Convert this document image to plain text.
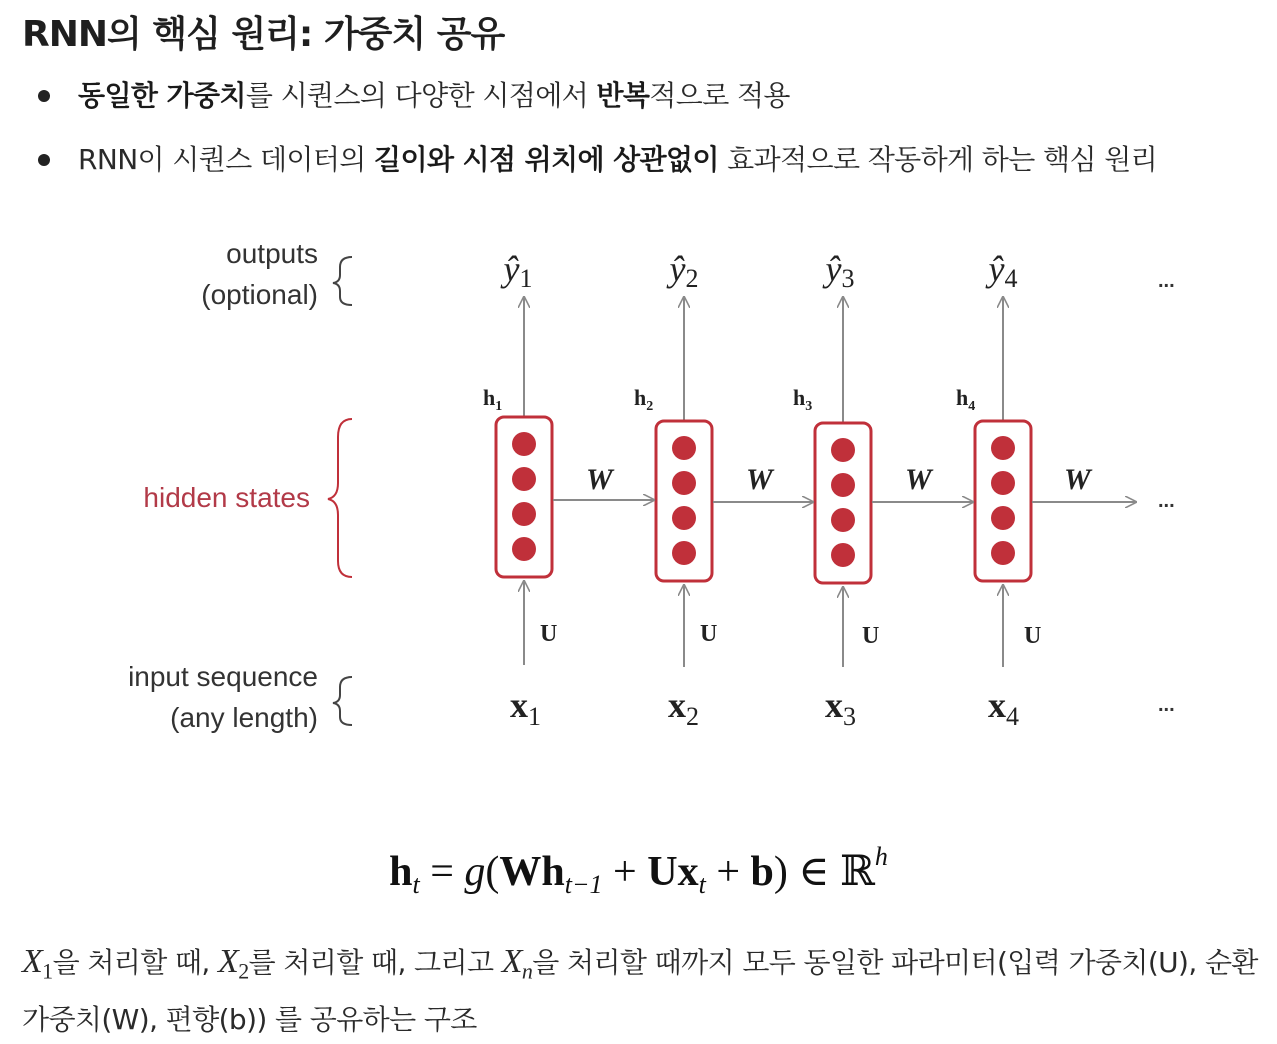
RNN의 핵심 원리: 가중치 공유
동일한 가중치를 시퀀스의 다양한 시점에서 반복적으로 적용
RNN이 시퀀스 데이터의 길이와 시점 위치에 상관없이 효과적으로 작동하게 하는 핵심 원리
outputs
(optional)
hidden states
input sequence
(any length)
ŷ1
$h_1$
U
$x_1$
ŷ2
$h_2$
U
$x_2$
ŷ3
$h_3$
U
$x_3$
ŷ4
$h_4$
U
$x_4$
W	W	W	W
...
...
...
$h_t = g(Wh_{t-1} + Ux_t + b)$ ∈ ℝ$^h$

$X_1$을 처리할 때, $X_2$를 처리할 때, 그리고 $X_n$을 처리할 때까지 모두 동일한 파라미터(입력 가중치(U), 순환 가중치(W), 편향(b)) 를 공유하는 구조
